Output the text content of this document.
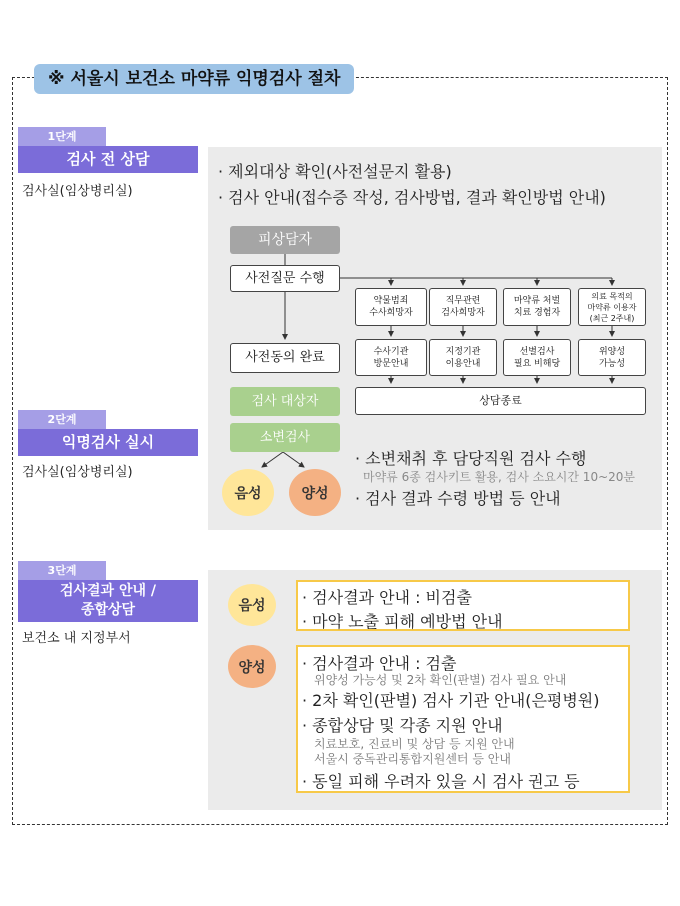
※ 서울시 보건소 마약류 익명검사 절차
1단계
검사 전 상담
검사실(임상병리실)
2단계
익명검사 실시
검사실(임상병리실)
3단계
검사결과 안내 /
종합상담
보건소 내 지정부서
· 제외대상 확인(사전설문지 활용)
· 검사 안내(접수증 작성, 검사방법, 결과 확인방법 안내)
피상담자
사전질문 수행
사전동의 완료
검사 대상자
소변검사
음성	양성
약물범죄
수사희망자
직무관련
검사희망자
마약류 처벌
치료 경험자
의료 목적의
마약류 이용자
(최근 2주내)
수사기관
방문안내
지정기관
이용안내
선별검사
필요 비해당
위양성
가능성
상담종료
· 소변채취 후 담당직원 검사 수행
마약류 6종 검사키트 활용, 검사 소요시간 10~20분
· 검사 결과 수령 방법 등 안내
음성	· 검사결과 안내 : 비검출
· 마약 노출 피해 예방법 안내
양성	· 검사결과 안내 : 검출
위양성 가능성 및 2차 확인(판별) 검사 필요 안내
· 2차 확인(판별) 검사 기관 안내(은평병원)
· 종합상담 및 각종 지원 안내
치료보호, 진료비 및 상담 등 지원 안내
서울시 중독관리통합지원센터 등 안내
· 동일 피해 우려자 있을 시 검사 권고 등
